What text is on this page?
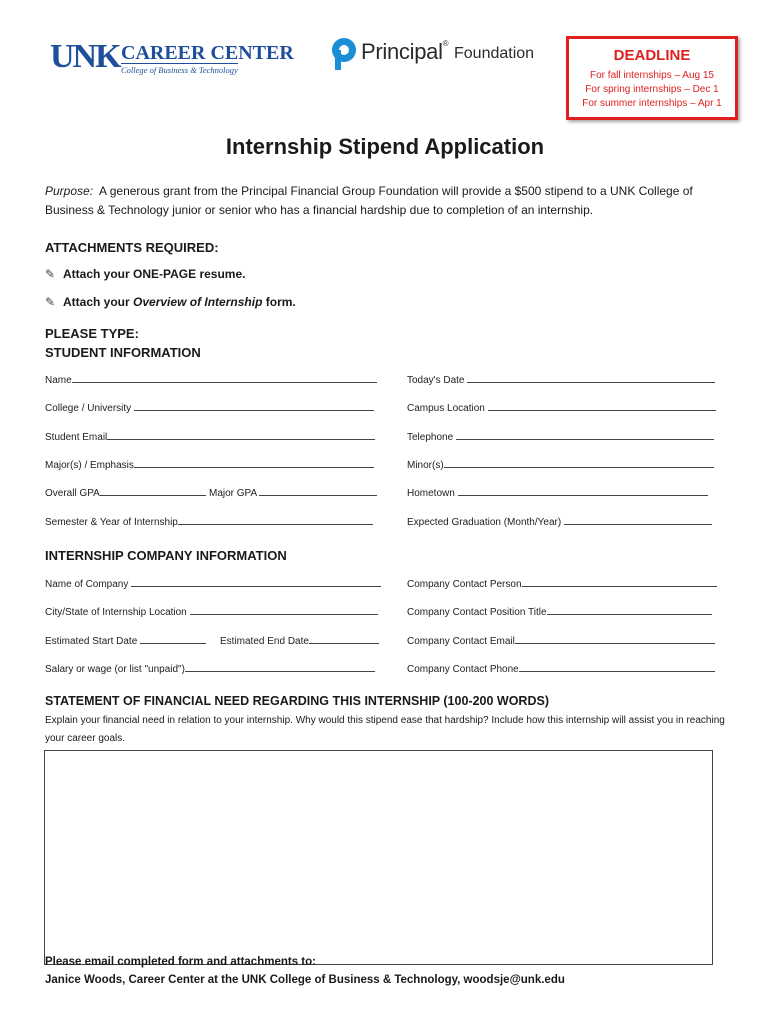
UNK CAREER CENTER
College of Business & Technology
Principal®
Foundation	DEADLINE
For fall internships – Aug 15
For spring internships – Dec 1
For summer internships – Apr 1
Internship Stipend Application
Purpose: A generous grant from the Principal Financial Group Foundation will provide a $500 stipend to a UNK College of Business & Technology junior or senior who has a financial hardship due to completion of an internship.
ATTACHMENTS REQUIRED:
✎ Attach your ONE-PAGE resume.
✎ Attach your Overview of Internship form.
PLEASE TYPE:
STUDENT INFORMATION
Name	Today's Date
College / University	Campus Location
Student Email	Telephone
Major(s) / Emphasis	Minor(s)
Overall GPA	Major GPA	Hometown
Semester & Year of Internship	Expected Graduation (Month/Year)
INTERNSHIP COMPANY INFORMATION
Name of Company	Company Contact Person
City/State of Internship Location	Company Contact Position Title
Estimated Start Date	Estimated End Date	Company Contact Email
Salary or wage (or list "unpaid")	Company Contact Phone
STATEMENT OF FINANCIAL NEED REGARDING THIS INTERNSHIP (100-200 WORDS)
Explain your financial need in relation to your internship. Why would this stipend ease that hardship? Include how this internship will assist you in reaching your career goals.
Please email completed form and attachments to:
Janice Woods, Career Center at the UNK College of Business & Technology, woodsje@unk.edu
